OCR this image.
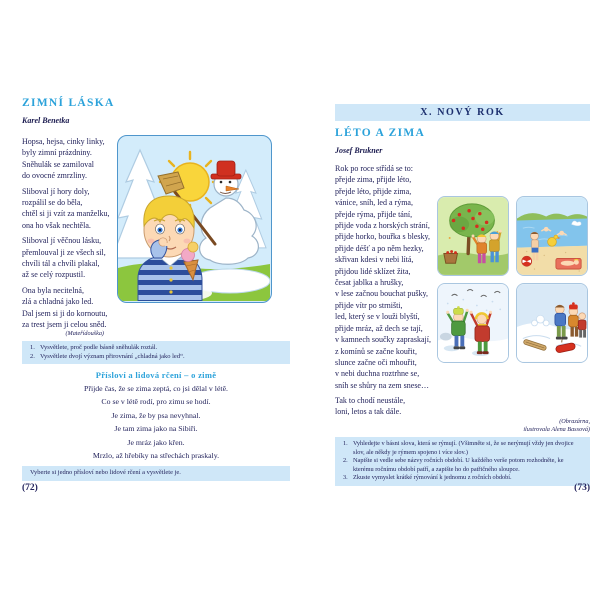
ZIMNÍ LÁSKA
Karel Benetka
Hopsa, hejsa, cinky linky,
byly zimní prázdniny.
Sněhulák se zamiloval
do ovocné zmrzliny.
Sliboval jí hory doly,
rozpálil se do běla,
chtěl si ji vzít za manželku,
ona ho však nechtěla.
Sliboval jí věčnou lásku,
přemlouval ji ze všech sil,
chvíli tál a chvíli plakal,
až se celý rozpustil.
Ona byla necitelná,
zlá a chladná jako led.
Dal jsem si ji do kornoutu,
za trest jsem ji celou sněd.
(Mateřídouška)
1. Vysvětlete, proč podle básně sněhulák roztál.
2. Vysvětlete dvojí význam přirovnání „chladná jako led“.
Přísloví a lidová rčení – o zimě
Přijde čas, že se zima zeptá, co jsi dělal v létě.
Co se v létě rodí, pro zimu se hodí.
Je zima, že by psa nevyhnal.
Je tam zima jako na Sibiři.
Je mráz jako křen.
Mrzlo, až hřebíky na střechách praskaly.
Vyberte si jedno přísloví nebo lidové rčení a vysvětlete je.
(72)
X. NOVÝ ROK
LÉTO A ZIMA
Josef Brukner
Rok po roce střídá se to:
přejde zima, přijde léto,
přejde léto, přijde zima,
vánice, sníh, led a rýma,
přejde rýma, přijde tání,
přijde voda z horských strání,
přijde horko, bouřka s blesky,
přijde déšť a po něm hezky,
skřivan kdesi v nebi lítá,
přijdou lidé sklízet žita,
česat jablka a hrušky,
v lese začnou bouchat pušky,
přijde vítr po strništi,
led, který se v louži blyští,
přijde mráz, až dech se tají,
v kamnech součky zapraskají,
z komínů se začne kouřit,
slunce začne oči mhouřit,
v nebi duchna roztrhne se,
sníh se shůry na zem snese…
Tak to chodí neustále,
loni, letos a tak dále.
(Obrazárna,
ilustrovala Alena Bassová)
1. Vyhledejte v básni slova, která se rýmují. (Všimněte si, že se nerýmují vždy jen dvojice slov, ale někdy je rýmem spojeno i více slov.)
2. Napište si vedle sebe názvy ročních období. U každého verše potom rozhodněte, ke kterému ročnímu období patří, a zapište ho do patřičného sloupce.
3. Zkuste vymyslet krátké rýmování k jednomu z ročních období.
(73)
